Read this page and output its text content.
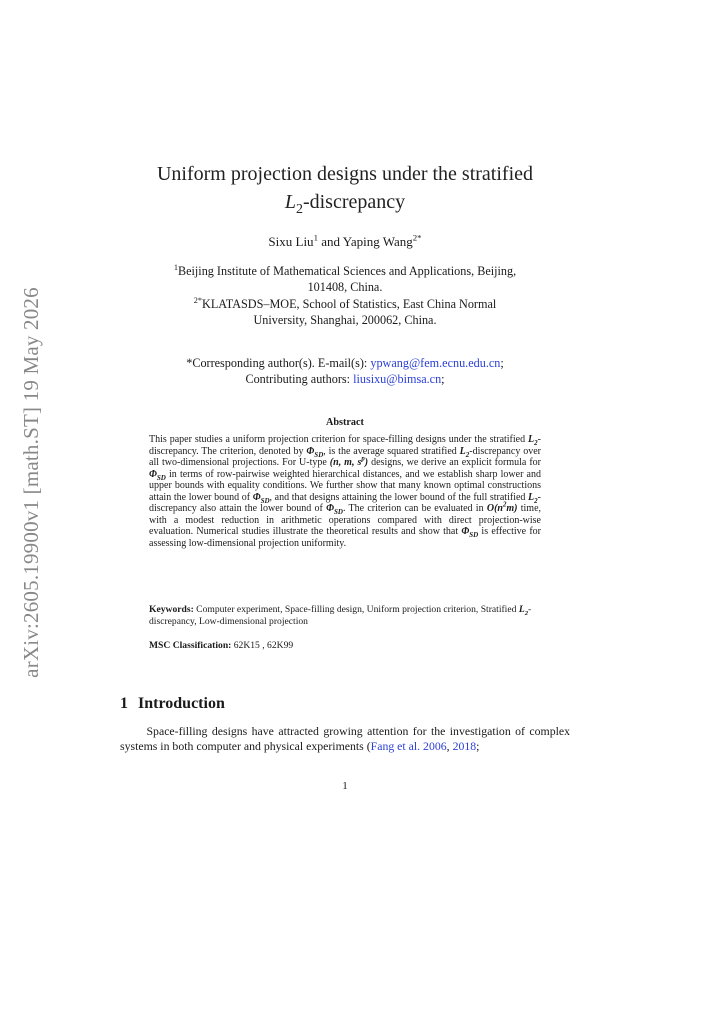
arXiv:2605.19900v1 [math.ST] 19 May 2026
Uniform projection designs under the stratified
$L_2$-discrepancy
Sixu Liu$^1$ and Yaping Wang$^{2*}$

$^1$Beijing Institute of Mathematical Sciences and Applications, Beijing,

101408, China.

$^{2*}$KLATASDS–MOE, School of Statistics, East China Normal

University, Shanghai, 200062, China.

*Corresponding author(s). E-mail(s): ypwang@fem.ecnu.edu.cn;

Contributing authors: liusixu@bimsa.cn;

Abstract

This paper studies a uniform projection criterion for space-filling designs under the stratified $L_2$-discrepancy. The criterion, denoted by $\Phi_{SD}$, is the average squared stratified $L_2$-discrepancy over all two-dimensional projections. For U-type (n, m, $s^p$) designs, we derive an explicit formula for $\Phi_{SD}$ in terms of row-pairwise weighted hierarchical distances, and we establish sharp lower and upper bounds with equality conditions. We further show that many known optimal constructions attain the lower bound of $\Phi_{SD}$, and that designs attaining the lower bound of the full stratified $L_2$-discrepancy also attain the lower bound of $\Phi_{SD}$. The criterion can be evaluated in $O(n^2m)$ time, with a modest reduction in arithmetic operations compared with direct projection-wise evaluation. Numerical studies illustrate the theoretical results and show that $\Phi_{SD}$ is effective for assessing low-dimensional projection uniformity.

Keywords: Computer experiment, Space-filling design, Uniform projection criterion, Stratified $L_2$-discrepancy, Low-dimensional projection

MSC Classification: 62K15 , 62K99
1 Introduction

Space-filling designs have attracted growing attention for the investigation of complex systems in both computer and physical experiments (Fang et al. 2006, 2018;

1
